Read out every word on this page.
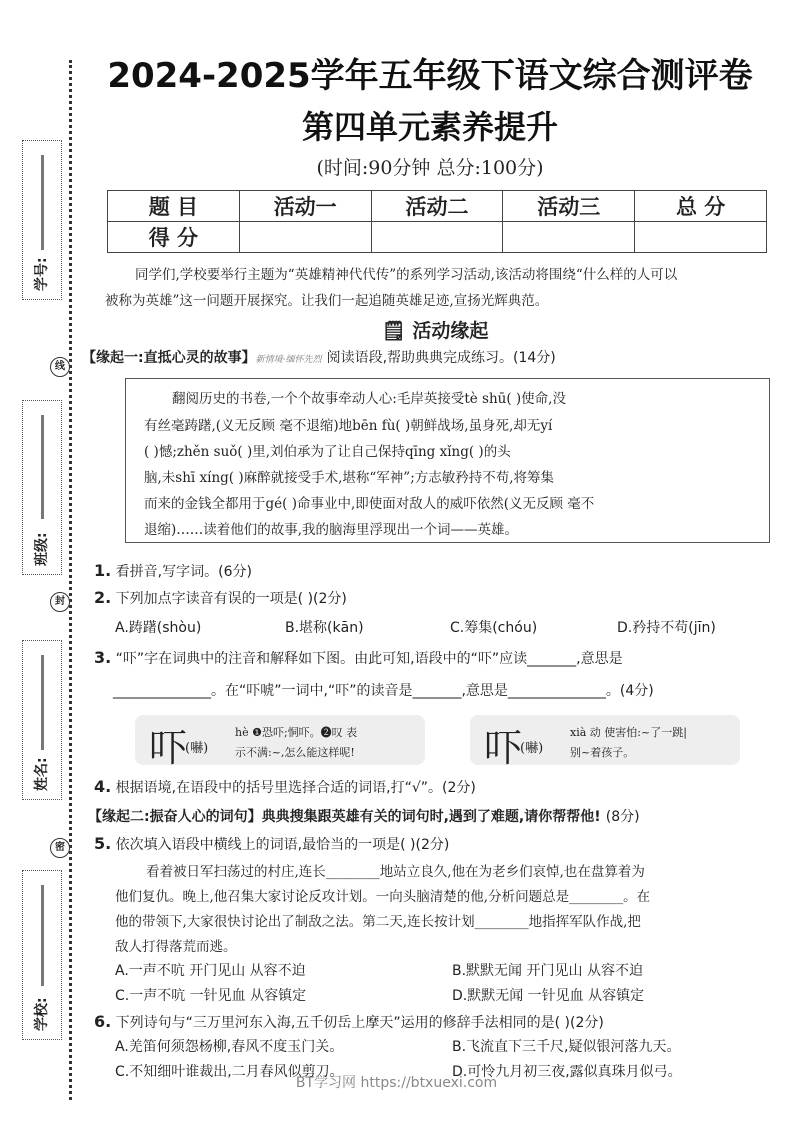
线
封
密
学号:
班级:
姓名:
学校:
2024-2025学年五年级下语文综合测评卷
第四单元素养提升
(时间:90分钟 总分:100分)
题 目	活动一	活动二	活动三	总 分
得 分				
同学们,学校要举行主题为“英雄精神代代传”的系列学习活动,该活动将围绕“什么样的人可以
被称为英雄”这一问题开展探究。让我们一起追随英雄足迹,宣扬光辉典范。
🗒 活动缘起
【缘起一:直抵心灵的故事】新情境·缅怀先烈 阅读语段,帮助典典完成练习。(14分)
翻阅历史的书卷,一个个故事牵动人心:毛岸英接受tè shū( )使命,没
有丝毫踌躇,(义无反顾 毫不退缩)地bēn fù( )朝鲜战场,虽身死,却无yí
( )憾;zhěn suǒ( )里,刘伯承为了让自己保持qīng xǐng( )的头
脑,未shī xíng( )麻醉就接受手术,堪称“军神”;方志敏矜持不苟,将筹集
而来的金钱全都用于gé( )命事业中,即使面对敌人的威吓依然(义无反顾 毫不
退缩)……读着他们的故事,我的脑海里浮现出一个词——英雄。
1. 看拼音,写字词。(6分)
2. 下列加点字读音有误的一项是( )(2分)
A.踌躇(shòu)	B.堪称(kān)	C.筹集(chóu)	D.矜持不苟(jīn)
3. “吓”字在词典中的注音和解释如下图。由此可知,语段中的“吓”应读_______,意思是
______________。在“吓唬”一词中,“吓”的读音是_______,意思是______________。(4分)
吓
(嚇)
hè ❶恐吓;恫吓。❷叹 表
示不满:~,怎么能这样呢!	吓
(嚇)
xià 动 使害怕:~了一跳|
别~着孩子。
4. 根据语境,在语段中的括号里选择合适的词语,打“√”。(2分)
【缘起二:振奋人心的词句】典典搜集跟英雄有关的词句时,遇到了难题,请你帮帮他! (8分)
5. 依次填入语段中横线上的词语,最恰当的一项是( )(2分)
看着被日军扫荡过的村庄,连长________地站立良久,他在为老乡们哀悼,也在盘算着为
他们复仇。晚上,他召集大家讨论反攻计划。一向头脑清楚的他,分析问题总是________。在
他的带领下,大家很快讨论出了制敌之法。第二天,连长按计划________地指挥军队作战,把
敌人打得落荒而逃。
A.一声不吭 开门见山 从容不迫	B.默默无闻 开门见山 从容不迫
C.一声不吭 一针见血 从容镇定	D.默默无闻 一针见血 从容镇定
6. 下列诗句与“三万里河东入海,五千仞岳上摩天”运用的修辞手法相同的是( )(2分)
A.羌笛何须怨杨柳,春风不度玉门关。	B.飞流直下三千尺,疑似银河落九天。
C.不知细叶谁裁出,二月春风似剪刀。	D.可怜九月初三夜,露似真珠月似弓。
BT学习网 https://btxuexi.com
